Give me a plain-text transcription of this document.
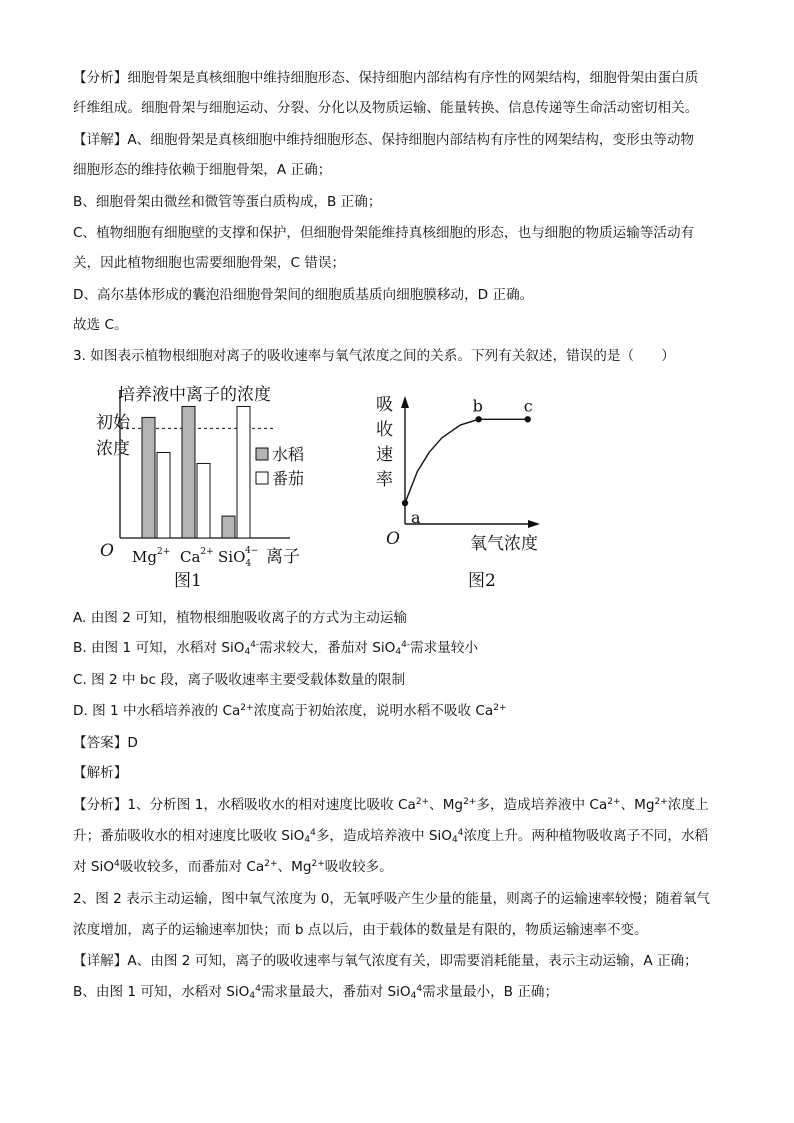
【分析】细胞骨架是真核细胞中维持细胞形态、保持细胞内部结构有序性的网架结构，细胞骨架由蛋白质
纤维组成。细胞骨架与细胞运动、分裂、分化以及物质运输、能量转换、信息传递等生命活动密切相关。
【详解】A、细胞骨架是真核细胞中维持细胞形态、保持细胞内部结构有序性的网架结构，变形虫等动物
细胞形态的维持依赖于细胞骨架，A 正确；
B、细胞骨架由微丝和微管等蛋白质构成，B 正确；
C、植物细胞有细胞壁的支撑和保护，但细胞骨架能维持真核细胞的形态，也与细胞的物质运输等活动有
关，因此植物细胞也需要细胞骨架，C 错误；
D、高尔基体形成的囊泡沿细胞骨架间的细胞质基质向细胞膜移动，D 正确。
故选 C。
3. 如图表示植物根细胞对离子的吸收速率与氧气浓度之间的关系。下列有关叙述，错误的是（　　）
培养液中离子的浓度
初始
浓度
O $Mg^{2+}$ $Ca^{2+}$ SiO$_4$4− 离子
图1
水稻
番茄
吸
收
速
率
a
b	c
O	氧气浓度
图2
A. 由图 2 可知，植物根细胞吸收离子的方式为主动运输
B. 由图 1 可知，水稻对 SiO$_4^{4-}$需求较大，番茄对 SiO$_4^{4-}$需求量较小
C. 图 2 中 bc 段，离子吸收速率主要受载体数量的限制
D. 图 1 中水稻培养液的 $Ca^{2+}$浓度高于初始浓度，说明水稻不吸收 $Ca^{2+}$
【答案】D
【解析】
【分析】1、分析图 1，水稻吸收水的相对速度比吸收 $Ca^{2+}$、$Mg^{2+}$多，造成培养液中 $Ca^{2+}$、$Mg^{2+}$浓度上
升；番茄吸收水的相对速度比吸收 SiO$_4^4$多，造成培养液中 SiO$_4^4$浓度上升。两种植物吸收离子不同，水稻
对 SiO$^4$吸收较多，而番茄对 $Ca^{2+}$、$Mg^{2+}$吸收较多。
2、图 2 表示主动运输，图中氧气浓度为 0，无氧呼吸产生少量的能量，则离子的运输速率较慢；随着氧气
浓度增加，离子的运输速率加快；而 b 点以后，由于载体的数量是有限的，物质运输速率不变。
【详解】A、由图 2 可知，离子的吸收速率与氧气浓度有关，即需要消耗能量，表示主动运输，A 正确；
B、由图 1 可知，水稻对 SiO$_4^4$需求量最大，番茄对 SiO$_4^4$需求量最小，B 正确；
